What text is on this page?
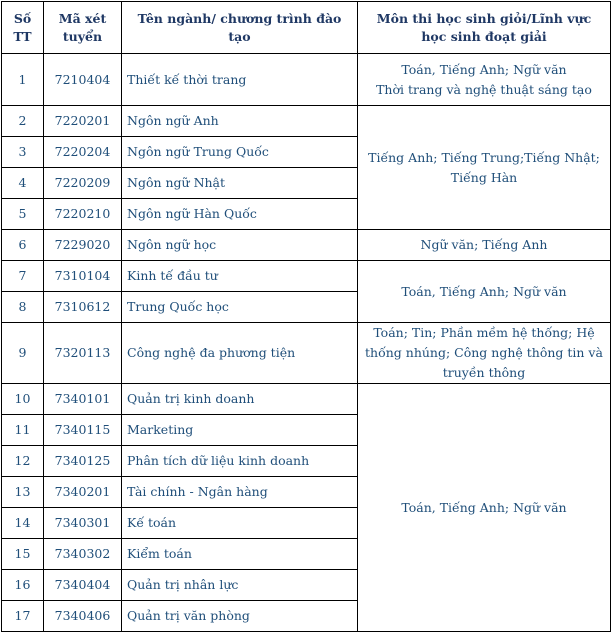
Số TT	Mã xét tuyển	Tên ngành/ chương trình đào tạo	Môn thi học sinh giỏi/Lĩnh vực học sinh đoạt giải
1	7210404	Thiết kế thời trang	Toán, Tiếng Anh; Ngữ văn
Thời trang và nghệ thuật sáng tạo

2	7220201	Ngôn ngữ Anh	Tiếng Anh; Tiếng Trung;Tiếng Nhật; Tiếng Hàn

3	7220204	Ngôn ngữ Trung Quốc	
4	7220209	Ngôn ngữ Nhật	
5	7220210	Ngôn ngữ Hàn Quốc	
6	7229020	Ngôn ngữ học	Ngữ văn; Tiếng Anh

7	7310104	Kinh tế đầu tư	Toán, Tiếng Anh; Ngữ văn

8	7310612	Trung Quốc học	
9	7320113	Công nghệ đa phương tiện	Toán; Tin; Phần mềm hệ thống; Hệ thống nhúng; Công nghệ thông tin và truyền thông

10	7340101	Quản trị kinh doanh	Toán, Tiếng Anh; Ngữ văn

11	7340115	Marketing	
12	7340125	Phân tích dữ liệu kinh doanh	
13	7340201	Tài chính - Ngân hàng	
14	7340301	Kế toán	
15	7340302	Kiểm toán	
16	7340404	Quản trị nhân lực	
17	7340406	Quản trị văn phòng	
